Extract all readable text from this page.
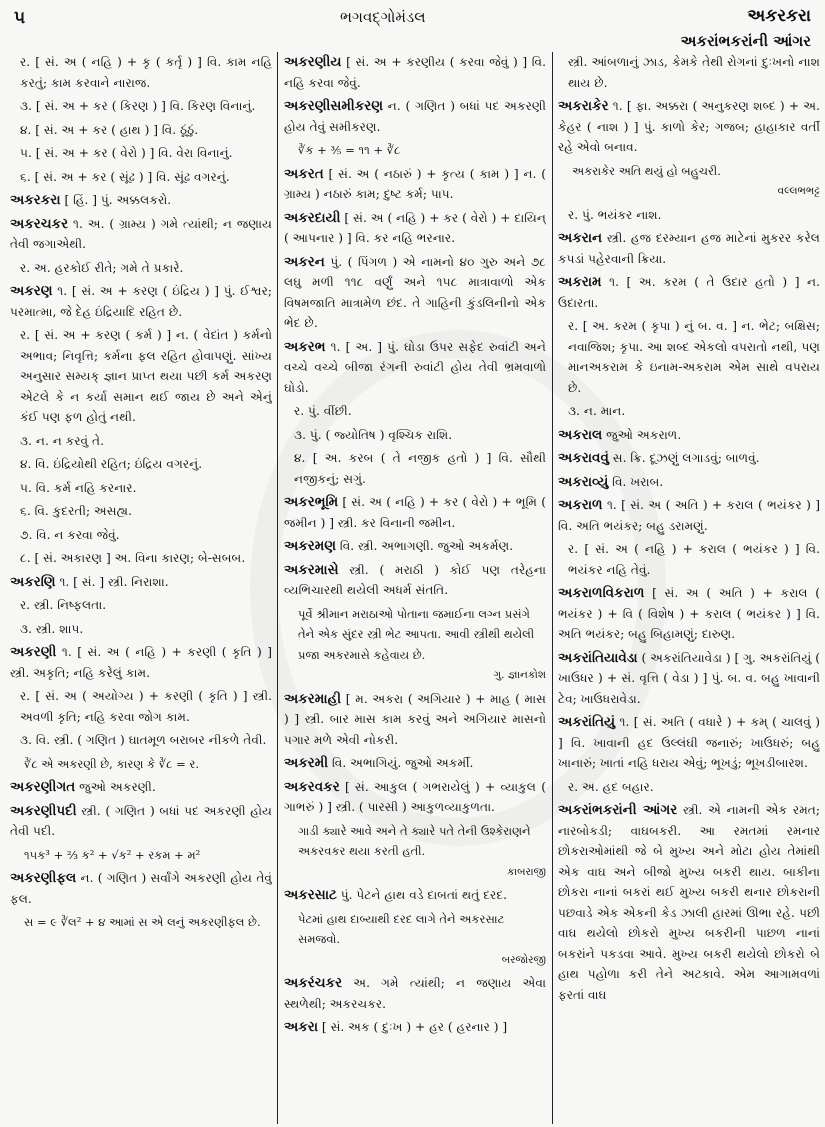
૫	ભગવદ્ગોમંડલ	અકરકરા
અકરાંભકરાંની આંગર
ર. [ સં. અ ( નહિ ) + કૃ ( કર્તૃ ) ] વિ. કામ નહિ કરતું; કામ કરવાને નારાજ.
૩. [ સં. અ + કર ( કિરણ ) ] વિ. કિરણ વિનાનું.
૪. [ સં. અ + કર ( હાથ ) ] વિ. ઠૂંઠું.
૫. [ સં. અ + કર ( વેરો ) ] વિ. વેરા વિનાનું.
૬. [ સં. અ + કર ( સૂંઢ ) ] વિ. સૂંઢ વગરનું.
અકરકરા [ હિં. ] પું. અક્કલકરો.
અકરચકર ૧. અ. ( ગ્રામ્ય ) ગમે ત્યાંથી; ન જણાય તેવી જગાએથી.
ર. અ. હરકોઈ રીતે; ગમે તે પ્રકારે.
અકરણ ૧. [ સં. અ + કરણ ( ઇંદ્રિય ) ] પું. ઈશ્વર; પરમાત્મા, જે દેહ ઇંદ્રિયાદિ રહિત છે.
ર. [ સં. અ + કરણ ( કર્મ ) ] ન. ( વેદાંત ) કર્મનો અભાવ; નિવૃત્તિ; કર્મના ફલ રહિત હોવાપણું. સાંખ્ય અનુસાર સમ્યક્ જ્ઞાન પ્રાપ્ત થયા પછી કર્મ અકરણ એટલે કે ન કર્યા સમાન થઈ જાય છે અને એનું કંઈ પણ ફળ હોતું નથી.
૩. ન. ન કરવું તે.
૪. વિ. ઇંદ્રિયોથી રહિત; ઇંદ્રિય વગરનું.
૫. વિ. કર્મ નહિ કરનાર.
૬. વિ. કુદરતી; અસહ્ય.
૭. વિ. ન કરવા જેવું.
૮. [ સં. અકારણ ] અ. વિના કારણ; બે-સબબ.
અકરણિ ૧. [ સં. ] સ્ત્રી. નિરાશા.
ર. સ્ત્રી. નિષ્ફલતા.
૩. સ્ત્રી. શાપ.
અકરણી ૧. [ સં. અ ( નહિ ) + કરણી ( કૃતિ ) ] સ્ત્રી. અકૃતિ; નહિ કરેલું કામ.
ર. [ સં. અ ( અયોગ્ય ) + કરણી ( કૃતિ ) ] સ્ત્રી. અવળી કૃતિ; નહિ કરવા જોગ કામ.
૩. વિ. સ્ત્રી. ( ગણિત ) ઘાતમૂળ બરાબર નીકળે તેવી.
∛૮ એ અકરણી છે, કારણ કે ∛૮ = ર.
અકરણીગત જુઓ અકરણી.
અકરણીપદી સ્ત્રી. ( ગણિત ) બધાં પદ અકરણી હોય તેવી પદી.
૧૫ક³ + ⅔ ક² + √ક² + રકમ + મ²
અકરણીફલ ન. ( ગણિત ) સર્વાંગે અકરણી હોય તેવું ફલ.
સ = ૯ ∛લ² + ૪ આમાં સ એ લનું અકરણીફલ છે.
અકરણીય [ સં. અ + કરણીય ( કરવા જેવું ) ] વિ. નહિ કરવા જેવું.
અકરણીસમીકરણ ન. ( ગણિત ) બધાં પદ અકરણી હોય તેવું સમીકરણ.
∛ક + ⅗ = ૧૧ + ∛૮
અકરત [ સં. અ ( નઠારું ) + કૃત્ય ( કામ ) ] ન. ( ગ્રામ્ય ) નઠારું કામ; દુષ્ટ કર્મ; પાપ.
અકરદાયી [ સં. અ ( નહિ ) + કર ( વેરો ) + દાયિન્ ( આપનાર ) ] વિ. કર નહિ ભરનાર.
અકરન પું. ( પિંગળ ) એ નામનો ૪૦ ગુરુ અને ૭૮ લઘુ મળી ૧૧૮ વર્ણું અને ૧૫૮ માત્રાવાળો એક વિષમજાતિ માત્રામેળ છંદ. તે ગાહિની કુંડલિનીનો એક ભેદ છે.
અકરભ ૧. [ અ. ] પું. ઘોડા ઉપર સફેદ રુવાંટી અને વચ્ચે વચ્ચે બીજા રંગની રુવાંટી હોય તેવી ભ્રમવાળો ઘોડો.
ર. પું. વીંછી.
૩. પું. ( જ્યોતિષ ) વૃશ્ચિક રાશિ.
૪. [ અ. કરબ ( તે નજીક હતો ) ] વિ. સૌથી નજીકનું; સગું.
અકરભૂમિ [ સં. અ ( નહિ ) + કર ( વેરો ) + ભૂમિ ( જમીન ) ] સ્ત્રી. કર વિનાની જમીન.
અકરમણ વિ. સ્ત્રી. અભાગણી. જુઓ અકર્મણ.
અકરમાસે સ્ત્રી. ( મરાઠી ) કોઈ પણ તરેહના વ્યભિચારથી થયેલી અધર્મ સંતતિ.
પૂર્વે શ્રીમાન મરાઠાઓ પોતાના જમાઈના લગ્ન પ્રસંગે તેને એક સુંદર સ્ત્રી ભેટ આપતા. આવી સ્ત્રીથી થયેલી પ્રજા અકરમાસે કહેવાય છે.
ગુ. જ્ઞાનકોશ
અકરમાહી [ મ. અકરા ( અગિયાર ) + માહ ( માસ ) ] સ્ત્રી. બાર માસ કામ કરવું અને અગિયાર માસનો પગાર મળે એવી નોકરી.
અકરમી વિ. અભાગિયું. જુઓ અકર્મી.
અકરવકર [ સં. આકુલ ( ગભરાયેલું ) + વ્યાકુલ ( ગાભરું ) ] સ્ત્રી. ( પારસી ) આકુળવ્યાકુળતા.
ગાડી ક્યારે આવે અને તે ક્યારે પતે તેની ઉશ્કેરાણને અકરવકર થયા કરતી હતી.
કાબરાજી
અકરસાટ પું. પેટને હાથ વડે દાબતાં થતું દરદ.
પેટમાં હાથ દાબ્યાથી દરદ લાગે તેને અકરસાટ સમજવો.
બરજોરજી
અકરંચકર અ. ગમે ત્યાંથી; ન જણાય એવા સ્થળેથી; અકરચકર.
અકરા [ સં. અક ( દુઃખ ) + હર ( હરનાર ) ]
સ્ત્રી. આંબળાનું ઝાડ, કેમકે તેથી રોગનાં દુઃખનો નાશ થાય છે.
અકરાકેર ૧. [ ફા. અક્કરા ( અનુકરણ શબ્દ ) + અ. કેહર ( નાશ ) ] પું. કાળો કેર; ગજબ; હાહાકાર વર્તી રહે એવો બનાવ.
અકરાકેર અતિ થયું હો બહુચરી.
વલ્લભભટ્ટ
ર. પું. ભયંકર નાશ.
અકરાન સ્ત્રી. હજ દરમ્યાન હજ માટેનાં મુકરર કરેલ કપડાં પહેરવાની ક્રિયા.
અકરામ ૧. [ અ. કરમ ( તે ઉદાર હતો ) ] ન. ઉદારતા.
ર. [ અ. કરમ ( કૃપા ) નું બ. વ. ] ન. ભેટ; બક્ષિસ; નવાજિશ; કૃપા. આ શબ્દ એકલો વપરાતો નથી, પણ માનઅકરામ કે ઇનામ-અકરામ એમ સાથે વપરાય છે.
૩. ન. માન.
અકરાલ જુઓ અકરાળ.
અકરાવવું સ. ક્રિ. દૂઝણું લગાડવું; બાળવું.
અકરાવ્યું વિ. ખરાબ.
અકરાળ ૧. [ સં. અ ( અતિ ) + કરાલ ( ભયંકર ) ] વિ. અતિ ભયંકર; બહુ ડરામણું.
ર. [ સં. અ ( નહિ ) + કરાલ ( ભયંકર ) ] વિ. ભયંકર નહિ તેવું.
અકરાળવિકરાળ [ સં. અ ( અતિ ) + કરાલ ( ભયંકર ) + વિ ( વિશેષ ) + કરાલ ( ભયંકર ) ] વિ. અતિ ભયંકર; બહુ બિહામણું; દારુણ.
અકરાંતિયાવેડા ( અકરાંતિયાવેડા ) [ ગુ. અકરાંતિયું ( ખાઉધર ) + સં. વૃત્તિ ( વેડા ) ] પું. બ. વ. બહુ ખાવાની ટેવ; ખાઉધરાવેડા.
અકરાંતિયું ૧. [ સં. અતિ ( વધારે ) + કમ્ ( ચાલવું ) ] વિ. ખાવાની હદ ઉલ્લંઘી જનારું; ખાઉધરું; બહુ ખાનારું; ખાતાં નહિ ધરાય એવું; ભૂખડું; ભૂખડીબારશ.
ર. અ. હદ બહાર.
અકરાંભકરાંની આંગર સ્ત્રી. એ નામની એક રમત; નારબોકડી; વાઘબકરી. આ રમતમાં રમનાર છોકરાઓમાંથી જે બે મુખ્ય અને મોટા હોય તેમાંથી એક વાઘ અને બીજો મુખ્ય બકરી થાય. બાકીના છોકરા નાનાં બકરાં થઈ મુખ્ય બકરી થનાર છોકરાની પછવાડે એક એકની કેડ ઝાલી હારમાં ઊભા રહે. પછી વાઘ થયેલો છોકરો મુખ્ય બકરીની પાછળ નાનાં બકરાંને પકડવા આવે. મુખ્ય બકરી થયેલો છોકરો બે હાથ પહોળા કરી તેને અટકાવે. એમ આગામવળાં ફરતાં વાઘ
